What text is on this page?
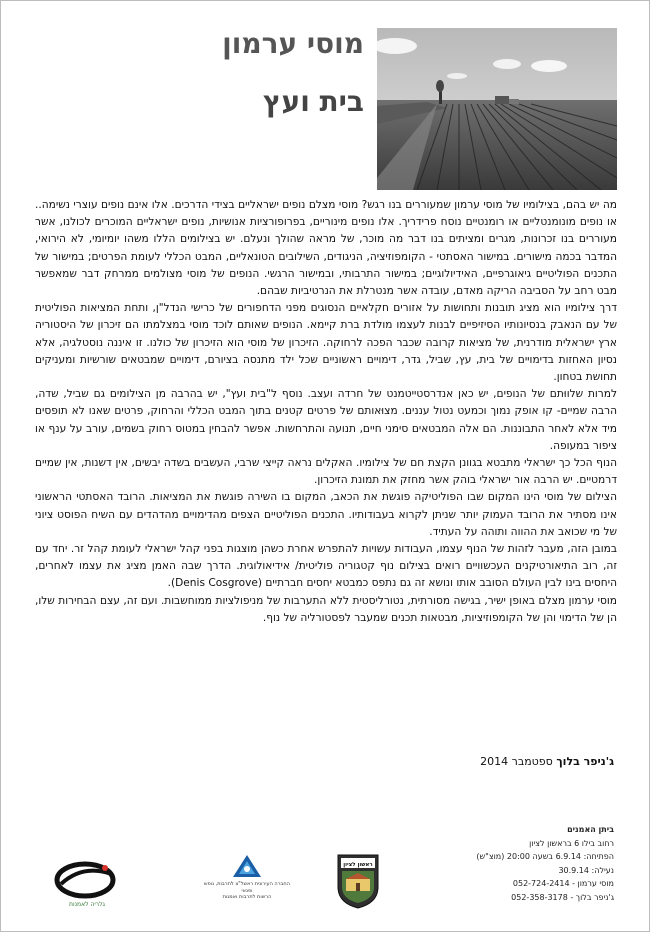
מוסי ערמון
בית ועץ

מה יש בהם, בצילומיו של מוסי ערמון שמעוררים בנו רגש? מוסי מצלם נופים ישראליים בצידי הדרכים. אלו אינם נופים עוצרי נשימה.. או נופים מונומנטליים או רומנטיים נוסח פרידריך. אלו נופים מינוריים, בפרופורציות אנושיות, נופים ישראליים המוכרים לכולנו, אשר מעוררים בנו זכרונות, מגרים ומציתים בנו דבר מה מוכר, של מראה שהולך ונעלם. יש בצילומים הללו משהו יומיומי, לא הירואי, המדבר בכמה מישורים. במישור האסתטי - הקומפוזיציה, הניגודים, השילובים הטונאליים, המבט הכללי לעומת הפרטים; במישור של התכנים הפוליטיים גיאוגרפיים, האידיולוגיים; במישור התרבותי, ובמישור הרגשי. הנופים של מוסי מצולמים ממרחק דבר שמאפשר מבט רחב על הסביבה הריקה מאדם, עובדה אשר מנטרלת את הנרטיביות שבהם.

דרך צילומיו הוא מציג תובנות ותחושות על אזורים חקלאיים הנסוגים מפני הדחפורים של כרישי הנדל"ן, ותחת המציאות הפוליטית של עם הנאבק בנסיונותיו הסיזיפיים לבנות לעצמו מולדת ברת קיימא. הנופים שאותם לוכד מוסי במצלמתו הם זיכרון של היסטוריה ארץ ישראלית מודרנית, של מציאות קרובה שכבר הפכה לרחוקה. הזיכרון של מוסי הוא הזיכרון של כולנו. זו איננה נוסטלגיה, אלא נסיון האחזות בדימויים של בית, עץ, שביל, גדר, דימויים ראשוניים שכל ילד מתנסה בציורם, דימויים שמבטאים שורשיות ומעניקים תחושת בטחון.

למרות שלווּתם של הנופים, יש כאן אנדרסטייטמנט של חרדה ועצב. נוסף ל"בית ועץ", יש בהרבה מן הצילומים גם שביל, שדה, הרבה שמיים- קו אופק נמוך וכמעט נטול עננים. מצוּאותם של פרטים קטנים בתוך המבט הכללי והרחוק, פרטים שאנו לא תופסים מיד אלא לאחר התבוננות. הם אלה המבטאים סימני חיים, תנועה והתרחשות. אפשר להבחין במטוס רחוק בשמים, עורב על ענף או ציפור במעופה.

הנוף הכל כך ישראלי מתבטא בגוונן הקצת חם של צילומיו. האקלים נראה קייצי שרבי, העשבים בשדה יבשים, אין דשנות, אין שמיים דרמטיים. יש הרבה אור ישראלי בוהק אשר מחזק את תמונת הזיכרון.

הצילום של מוסי הינו המקום שבו הפוליטיקה פוגשת את הכאב, המקום בו השירה פוגשת את המציאות. הרובד האסתטי הראשוני אינו מסתיר את הרובד העמוק יותר שניתן לקרוא בעבודותיו. התכנים הפוליטיים הצפים מהדימויים מהדהדים עם השיח הפוסט ציוני של מי שכואב את ההווה ותוהה על העתיד.

במובן הזה, מעבר לזהות של הנוף עצמו, העבודות עשויות להתפרש אחרת כשהן מוצגות בפני קהל ישראלי לעומת קהל זר. יחד עם זה, רוב התיאורטיקנים העכשוויים רואים בצילום נוף קטגוריה פוליטית/ אידיאולוגית. הדרך שבה האמן מציג את עצמו לאחרים, היחסים בינו לבין העולם הסובב אותו ונושא זה גם נתפס כמבטא יחסים חברתיים (Denis Cosgrove).

מוסי ערמון מצלם באופן ישיר, בגישה מסורתית, נטורליסטית ללא התערבות של מניפולציות ממוחשבות. ועם זה, עצם הבחירות שלו, הן של הדימוי והן של הקומפוזיציות, מבטאות תכנים שמעבר לפסטורליה של נוף.

ג'ניפר בלוך ספטמבר 2014
ביתן האמנים
רחוב בילו 6 בראשון לציון
הפתיחה: 6.9.14 בשעה 20:00 (מוצ"ש)
נעילה: 30.9.14
מוסי ערמון - 052-724-2414
ג'ניפר בלוך - 052-358-3178
ראשון לציון
החברה העירונית ראשל"צ לתרבות, נופש ופנאי
הרשות לתרבות ואמנות
גלריה לאמנות
